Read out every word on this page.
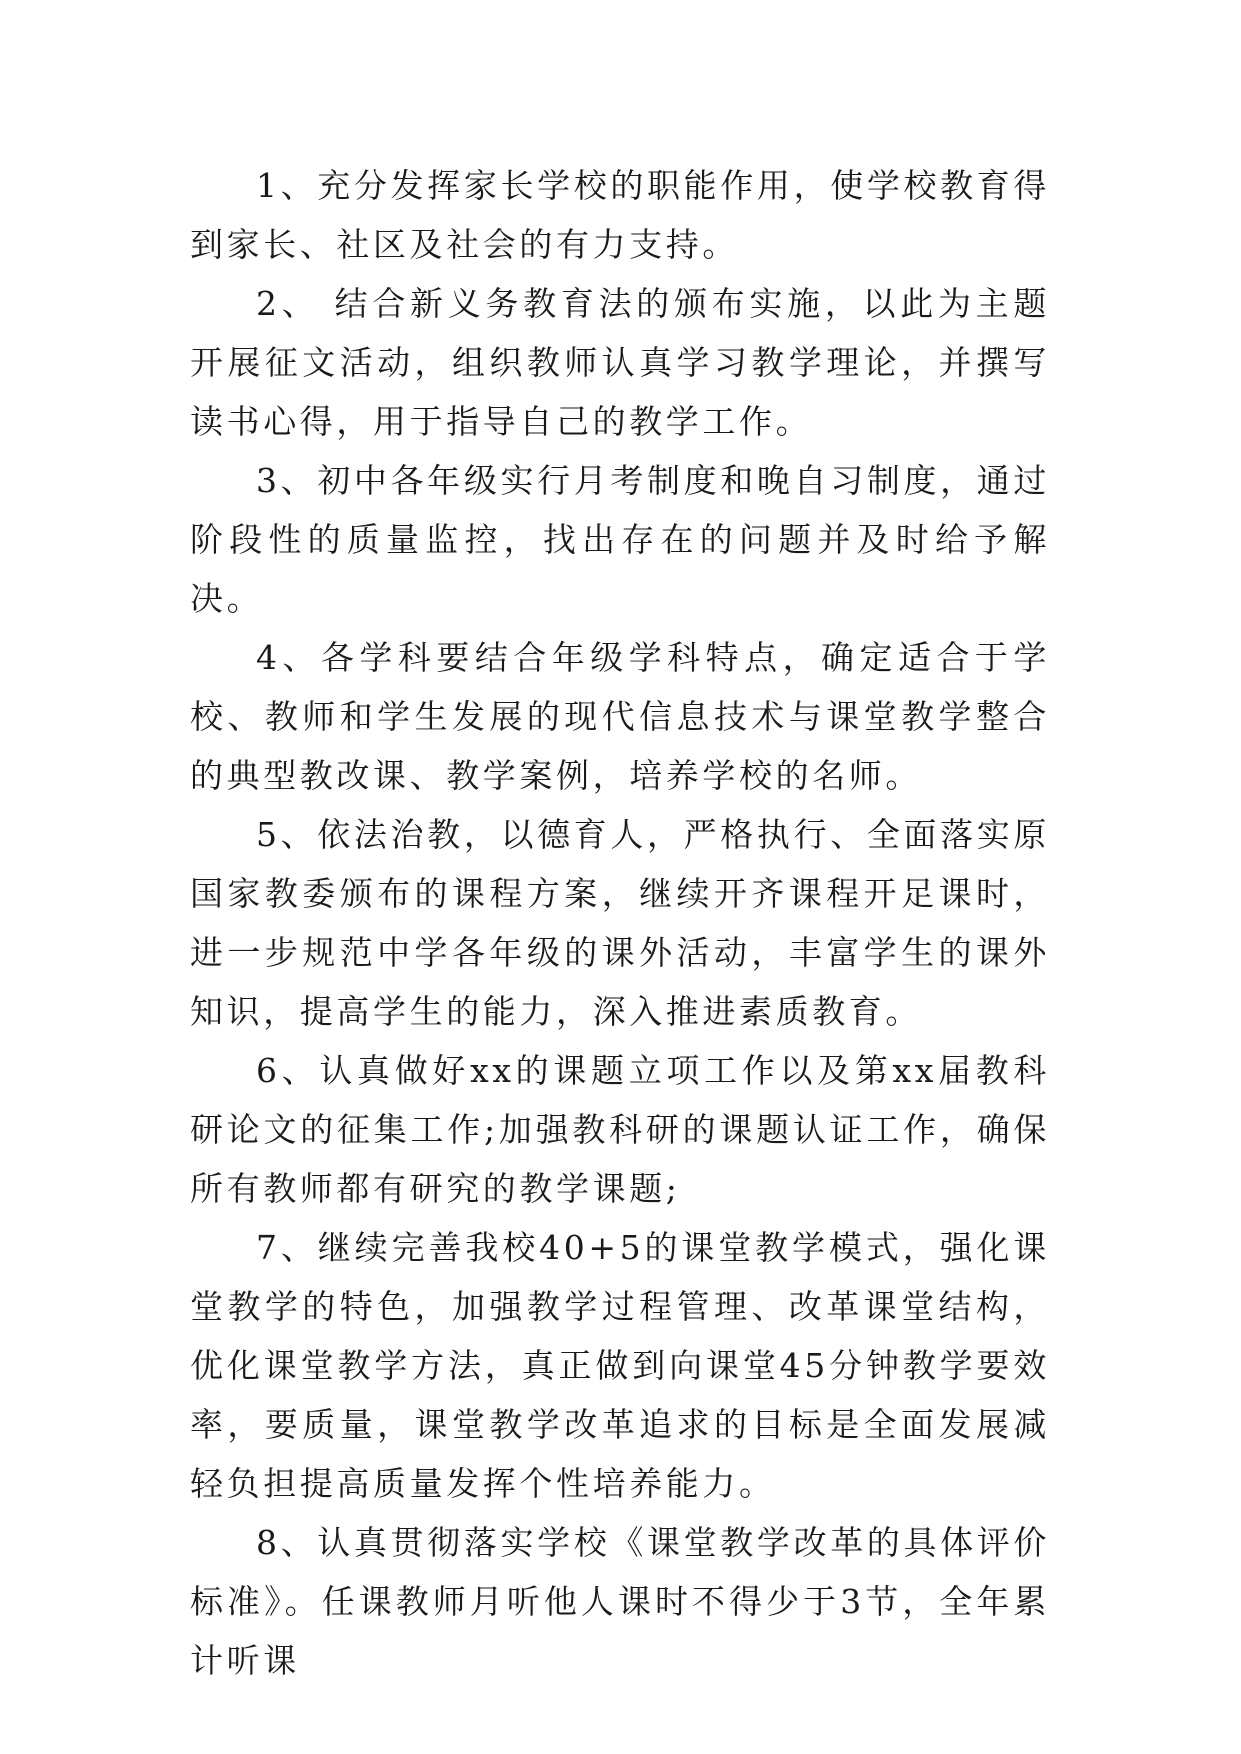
1、充分发挥家长学校的职能作用，使学校教育得到家长、社区及社会的有力支持。

2、 结合新义务教育法的颁布实施，以此为主题开展征文活动，组织教师认真学习教学理论，并撰写读书心得，用于指导自己的教学工作。

3、初中各年级实行月考制度和晚自习制度，通过阶段性的质量监控，找出存在的问题并及时给予解决。

4、各学科要结合年级学科特点，确定适合于学校、教师和学生发展的现代信息技术与课堂教学整合的典型教改课、教学案例，培养学校的名师。

5、依法治教，以德育人，严格执行、全面落实原国家教委颁布的课程方案，继续开齐课程开足课时，进一步规范中学各年级的课外活动，丰富学生的课外知识，提高学生的能力，深入推进素质教育。

6、认真做好xx的课题立项工作以及第xx届教科研论文的征集工作;加强教科研的课题认证工作，确保所有教师都有研究的教学课题;

7、继续完善我校40+5的课堂教学模式，强化课堂教学的特色，加强教学过程管理、改革课堂结构，优化课堂教学方法，真正做到向课堂45分钟教学要效率，要质量，课堂教学改革追求的目标是全面发展减轻负担提高质量发挥个性培养能力。

8、认真贯彻落实学校《课堂教学改革的具体评价标准》。任课教师月听他人课时不得少于3节，全年累计听课
